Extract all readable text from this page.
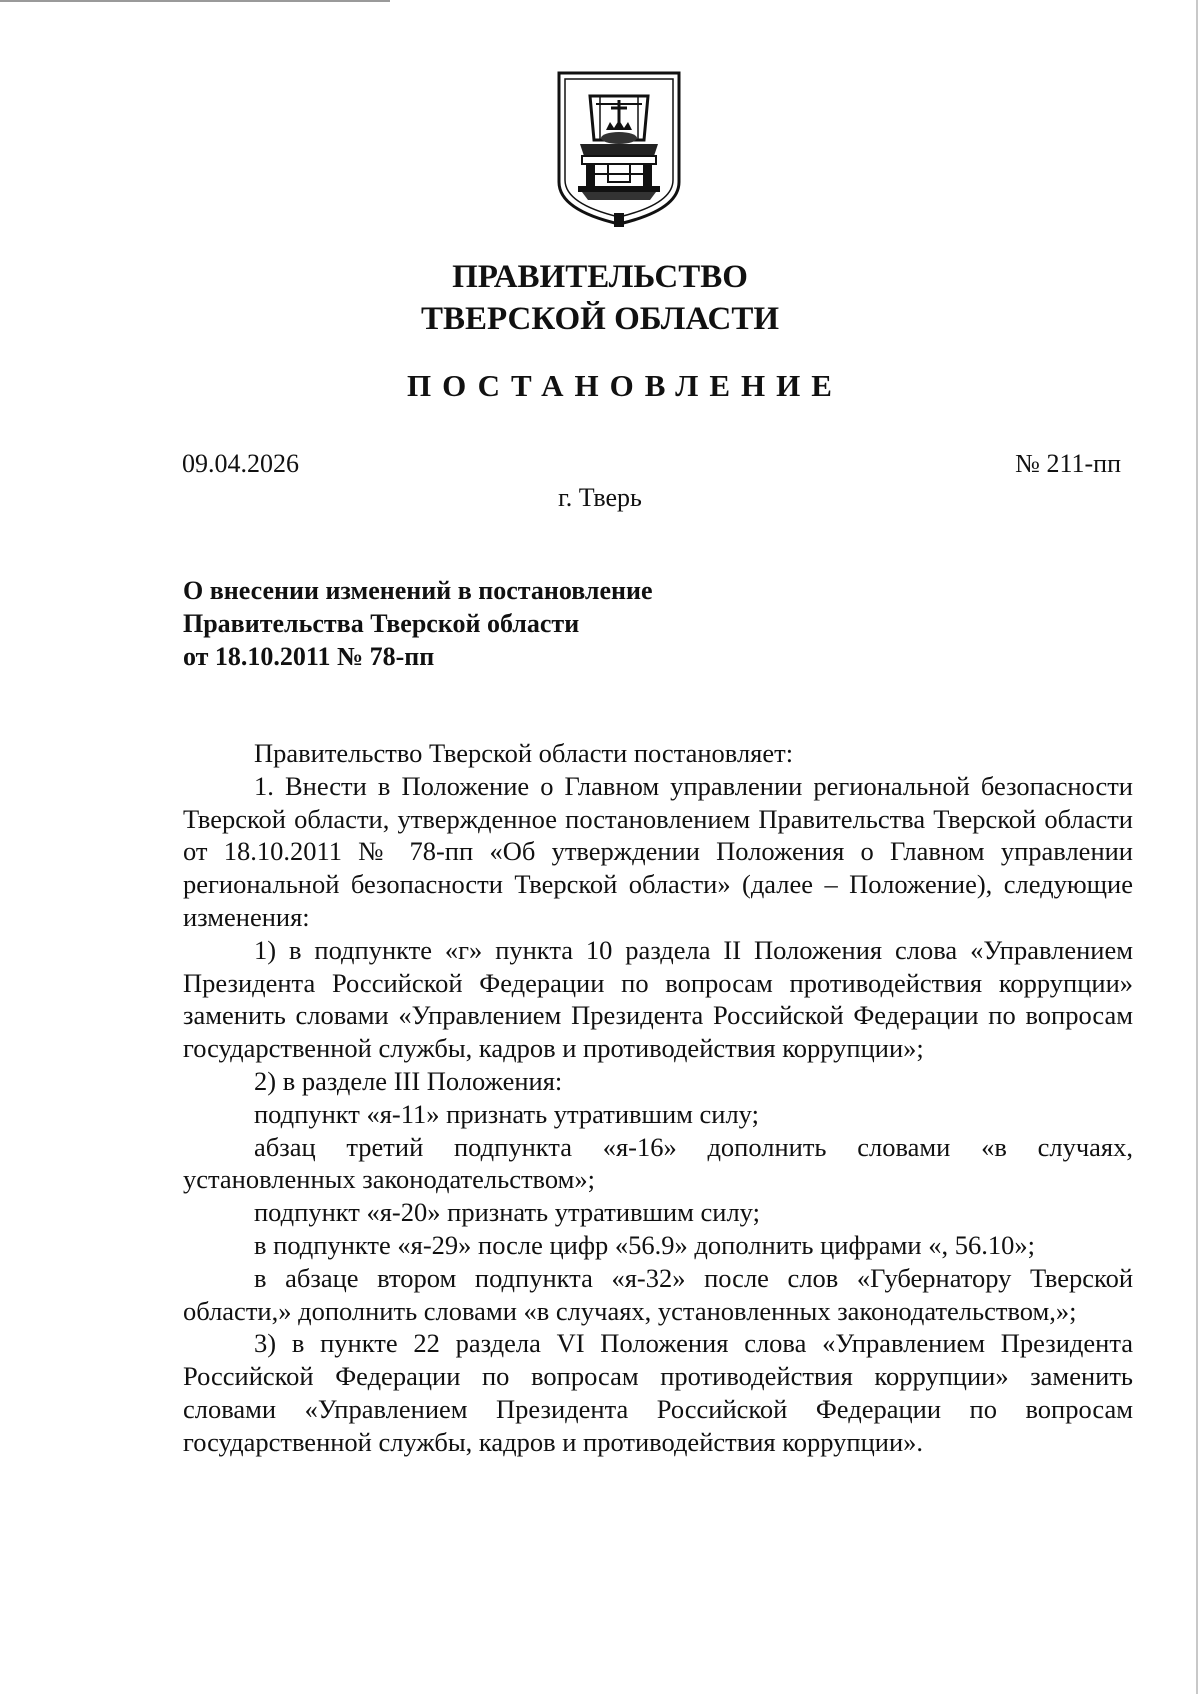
ПРАВИТЕЛЬСТВО
ТВЕРСКОЙ ОБЛАСТИ
ПОСТАНОВЛЕНИЕ
09.04.2026	№ 211-пп
г. Тверь
О внесении изменений в постановление
Правительства Тверской области
от 18.10.2011 № 78-пп

Правительство Тверской области постановляет:

1. Внести в Положение о Главном управлении региональной безопасности Тверской области, утвержденное постановлением Правительства Тверской области от 18.10.2011 № 78-пп «Об утверждении Положения о Главном управлении региональной безопасности Тверской области» (далее – Положение), следующие изменения:

1) в подпункте «г» пункта 10 раздела II Положения слова «Управлением Президента Российской Федерации по вопросам противодействия коррупции» заменить словами «Управлением Президента Российской Федерации по вопросам государственной службы, кадров и противодействия коррупции»;

2) в разделе III Положения:

подпункт «я-11» признать утратившим силу;

абзац третий подпункта «я-16» дополнить словами «в случаях, установленных законодательством»;

подпункт «я-20» признать утратившим силу;

в подпункте «я-29» после цифр «56.9» дополнить цифрами «, 56.10»;

в абзаце втором подпункта «я-32» после слов «Губернатору Тверской области,» дополнить словами «в случаях, установленных законодательством,»;

3) в пункте 22 раздела VI Положения слова «Управлением Президента Российской Федерации по вопросам противодействия коррупции» заменить словами «Управлением Президента Российской Федерации по вопросам государственной службы, кадров и противодействия коррупции».
